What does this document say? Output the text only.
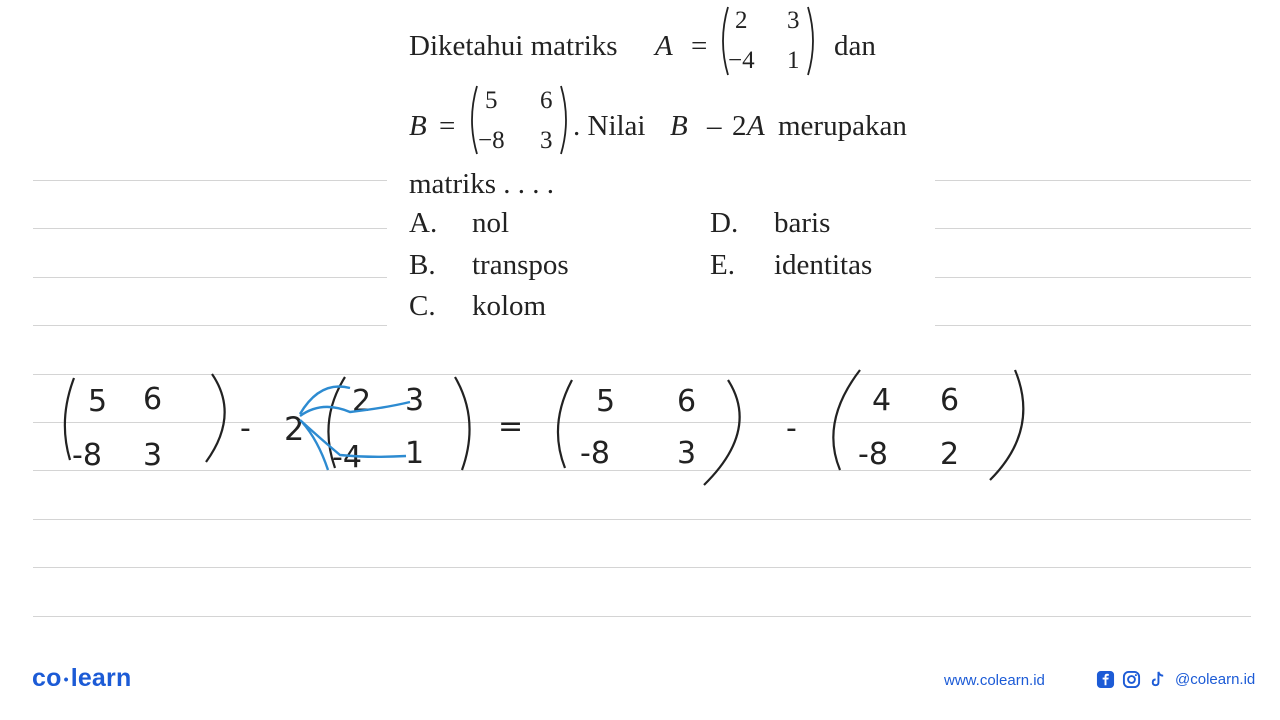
Diketahui matriks A =
2 3
−4 1 dan
B =
5 6
−8 3 . Nilai B – 2 A merupakan
matriks . . . .
A. nol
B. transpos
C. kolom
D. baris
E. identitas
5 6
-8 3
- 2
2 3
-4 1
=
5 6
-8 3
-
4 6
-8 2
co •learn	www.colearn.id	@colearn.id
